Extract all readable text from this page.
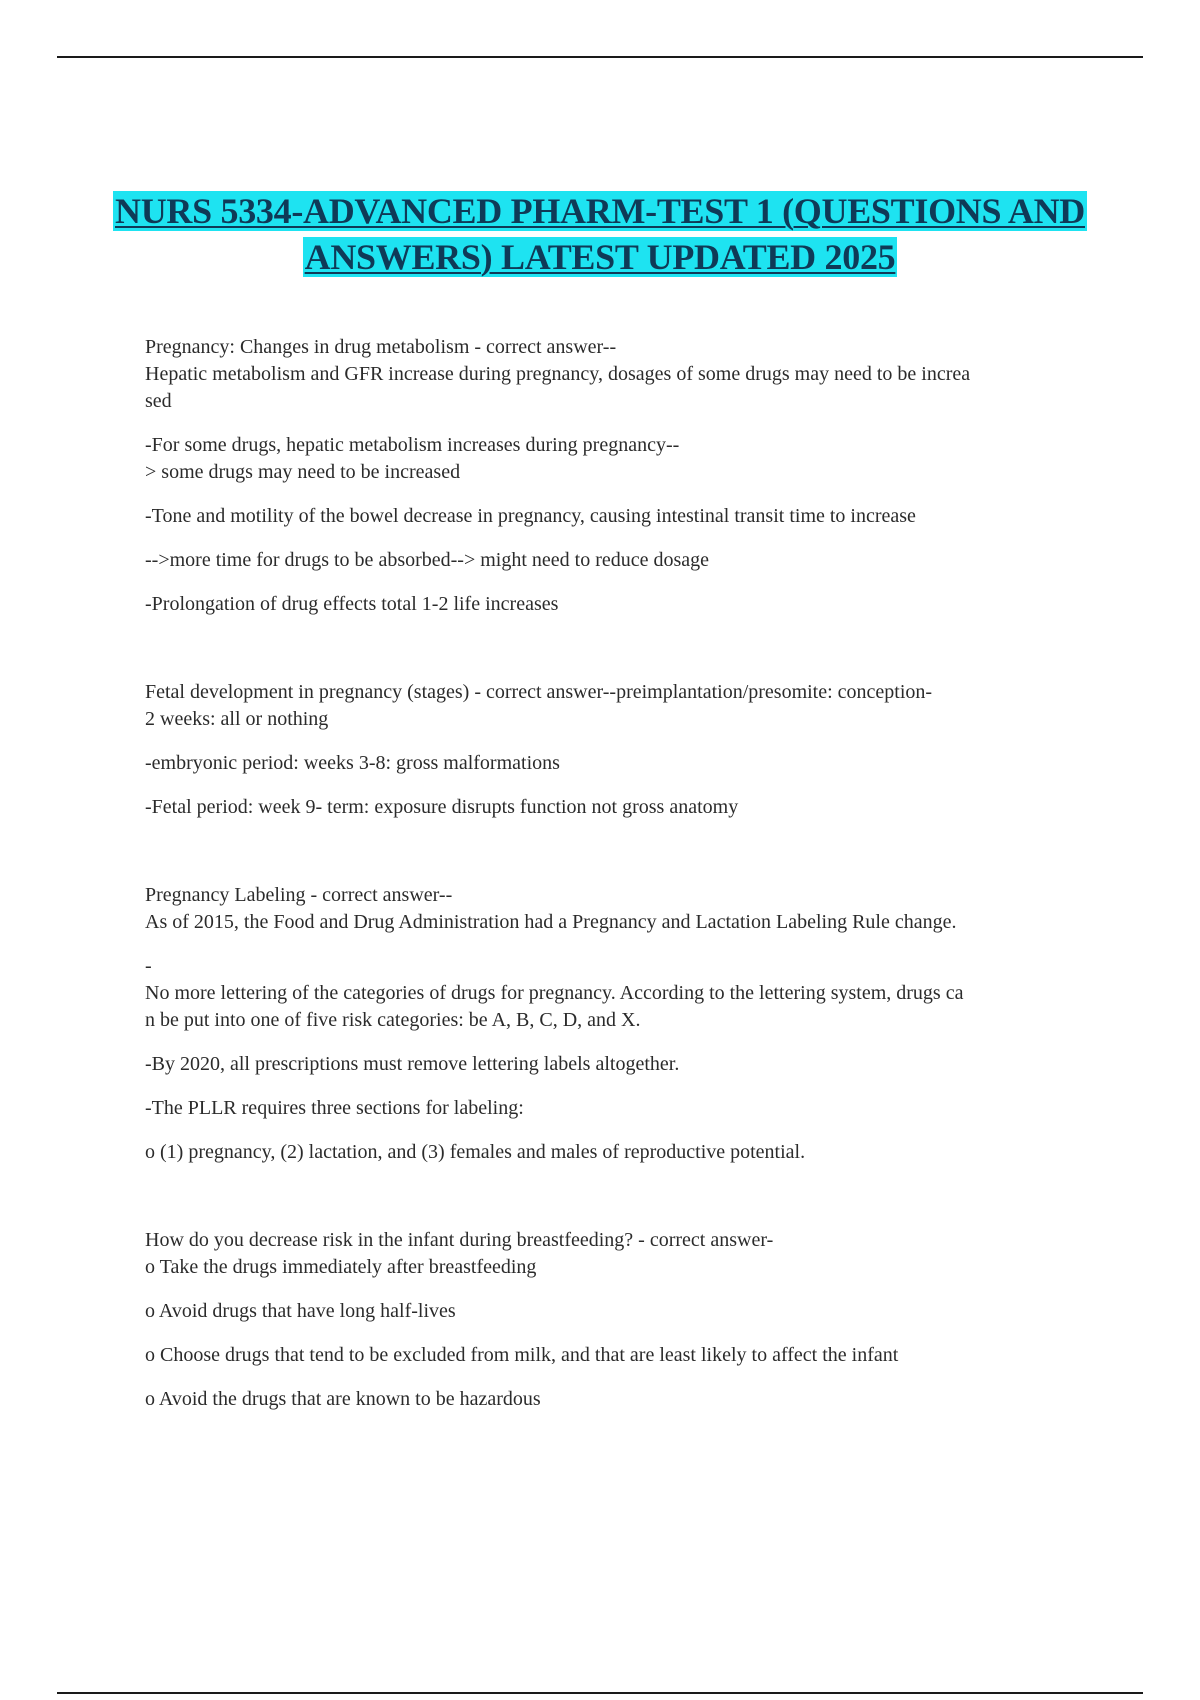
NURS 5334-ADVANCED PHARM-TEST 1 (QUESTIONS AND ANSWERS) LATEST UPDATED 2025

Pregnancy: Changes in drug metabolism - correct answer--
Hepatic metabolism and GFR increase during pregnancy, dosages of some drugs may need to be increa
sed

-For some drugs, hepatic metabolism increases during pregnancy--
> some drugs may need to be increased

-Tone and motility of the bowel decrease in pregnancy, causing intestinal transit time to increase

-->more time for drugs to be absorbed--> might need to reduce dosage

-Prolongation of drug effects total 1-2 life increases

Fetal development in pregnancy (stages) - correct answer--preimplantation/presomite: conception-
2 weeks: all or nothing

-embryonic period: weeks 3-8: gross malformations

-Fetal period: week 9- term: exposure disrupts function not gross anatomy

Pregnancy Labeling - correct answer--
As of 2015, the Food and Drug Administration had a Pregnancy and Lactation Labeling Rule change.

-
No more lettering of the categories of drugs for pregnancy. According to the lettering system, drugs ca
n be put into one of five risk categories: be A, B, C, D, and X.

-By 2020, all prescriptions must remove lettering labels altogether.

-The PLLR requires three sections for labeling:

o (1) pregnancy, (2) lactation, and (3) females and males of reproductive potential.

How do you decrease risk in the infant during breastfeeding? - correct answer-
o Take the drugs immediately after breastfeeding

o Avoid drugs that have long half-lives

o Choose drugs that tend to be excluded from milk, and that are least likely to affect the infant

o Avoid the drugs that are known to be hazardous
